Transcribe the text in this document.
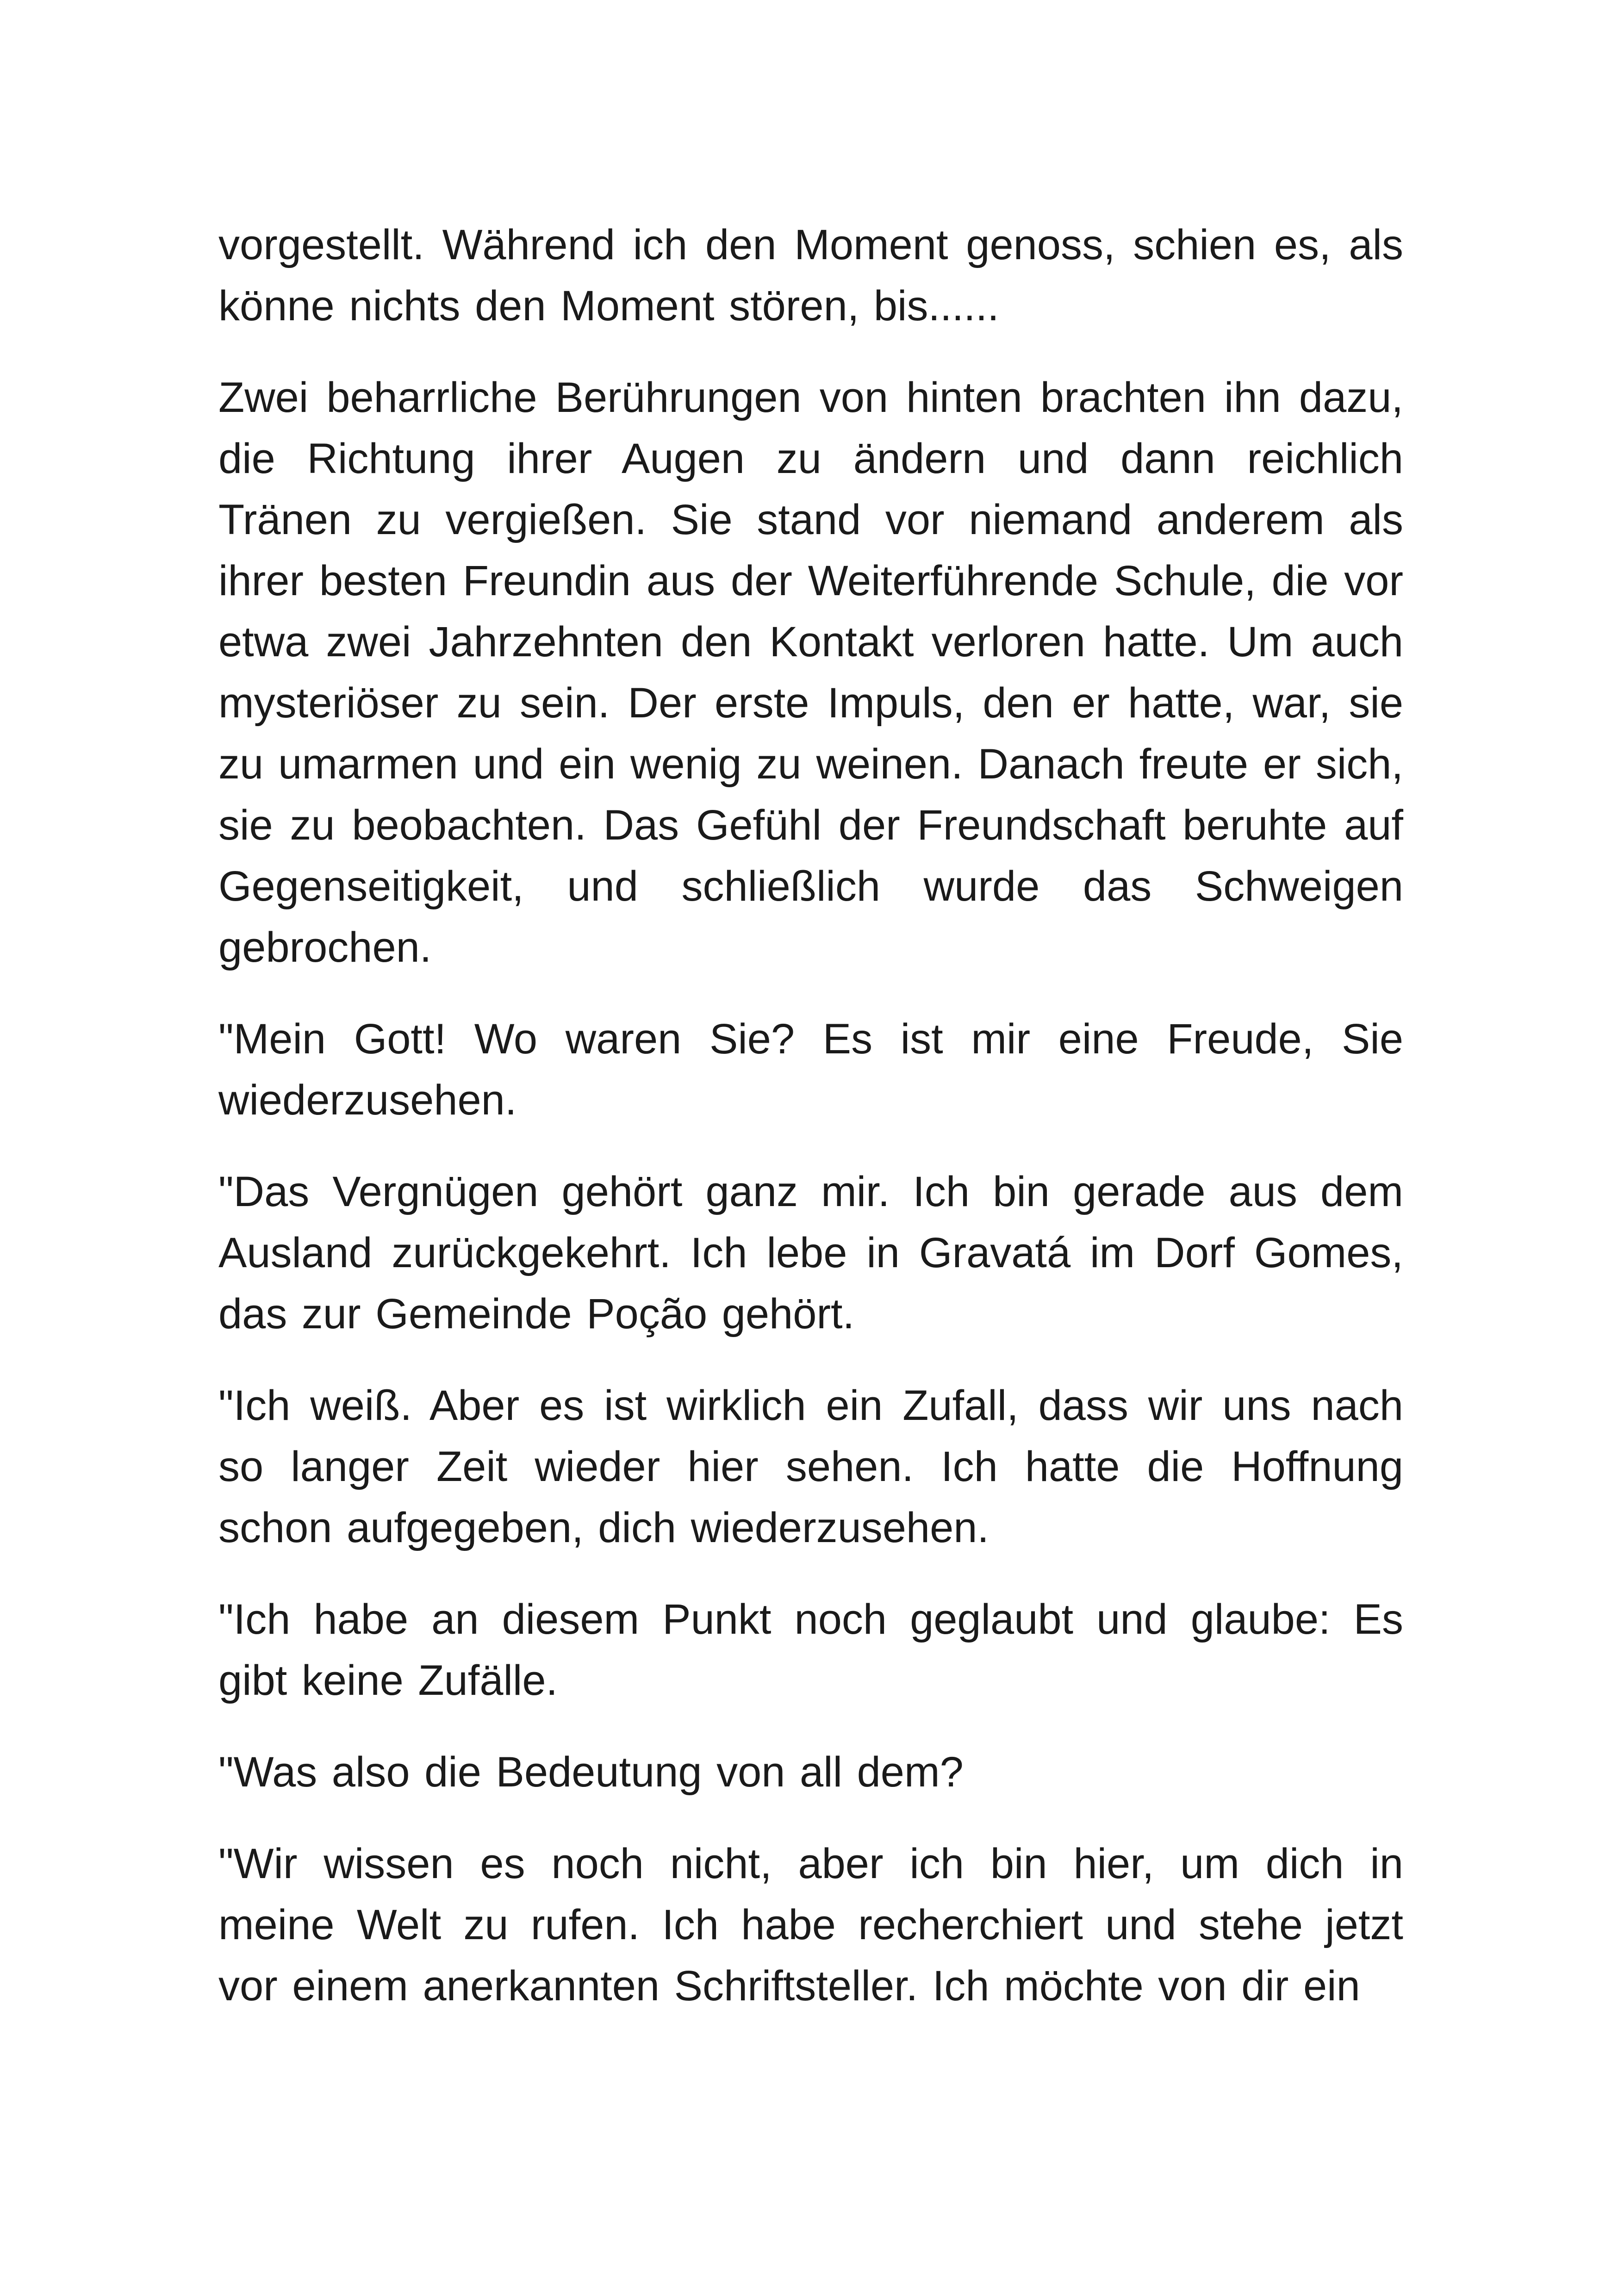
vorgestellt. Während ich den Moment genoss, schien es, als könne nichts den Moment stören, bis......

Zwei beharrliche Berührungen von hinten brachten ihn dazu, die Richtung ihrer Augen zu ändern und dann reichlich Tränen zu vergießen. Sie stand vor niemand anderem als ihrer besten Freundin aus der Weiterführende Schule, die vor etwa zwei Jahrzehnten den Kontakt verloren hatte. Um auch mysteriöser zu sein. Der erste Impuls, den er hatte, war, sie zu umarmen und ein wenig zu weinen. Danach freute er sich, sie zu beobachten. Das Gefühl der Freundschaft beruhte auf Gegenseitigkeit, und schließlich wurde das Schweigen gebrochen.

"Mein Gott! Wo waren Sie? Es ist mir eine Freude, Sie wiederzusehen.

"Das Vergnügen gehört ganz mir. Ich bin gerade aus dem Ausland zurückgekehrt. Ich lebe in Gravatá im Dorf Gomes, das zur Gemeinde Poção gehört.

"Ich weiß. Aber es ist wirklich ein Zufall, dass wir uns nach so langer Zeit wieder hier sehen. Ich hatte die Hoffnung schon aufgegeben, dich wiederzusehen.

"Ich habe an diesem Punkt noch geglaubt und glaube: Es gibt keine Zufälle.

"Was also die Bedeutung von all dem?

"Wir wissen es noch nicht, aber ich bin hier, um dich in meine Welt zu rufen. Ich habe recherchiert und stehe jetzt vor einem anerkannten Schriftsteller. Ich möchte von dir ein
